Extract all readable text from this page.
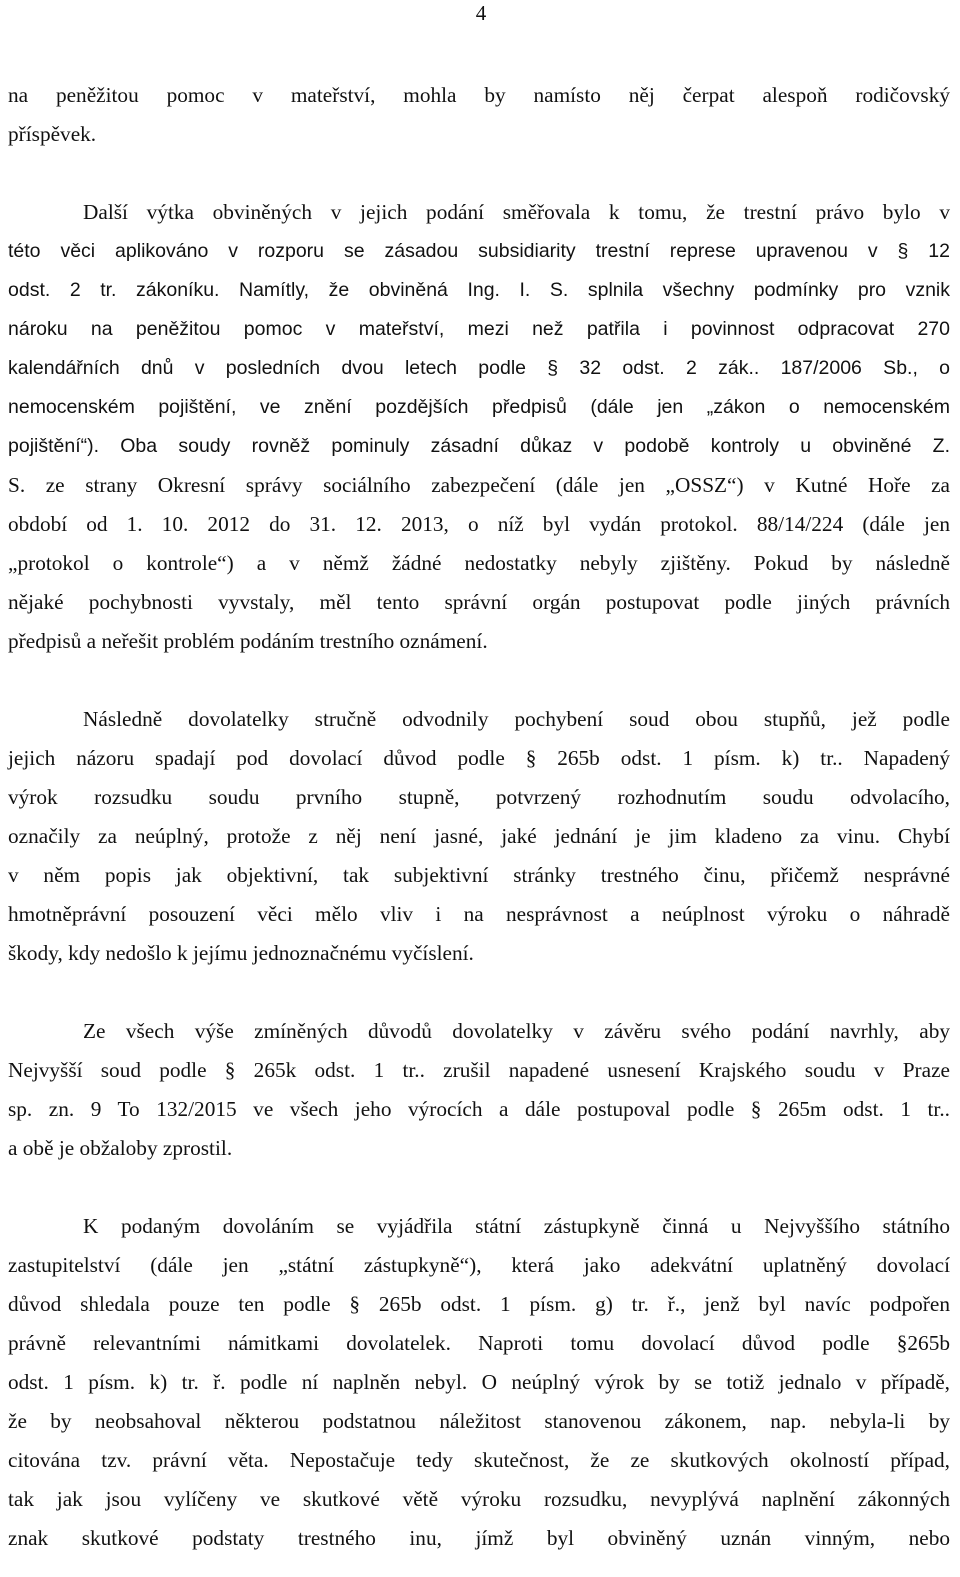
4
na peněžitou pomoc v mateřství, mohla by namísto něj čerpat alespoň rodičovský
příspěvek.
Další výtka obviněných v jejich podání směřovala k tomu, že trestní právo bylo v
této věci aplikováno v rozporu se zásadou subsidiarity trestní represe upravenou v § 12
odst. 2 tr. zákoníku. Namítly, že obviněná Ing. I. S. splnila všechny podmínky pro vznik
nároku na peněžitou pomoc v mateřství, mezi než patřila i povinnost odpracovat 270
kalendářních dnů v posledních dvou letech podle § 32 odst. 2 zák.. 187/2006 Sb., o
nemocenském pojištění, ve znění pozdějších předpisů (dále jen „zákon o nemocenském
pojištění“). Oba soudy rovněž pominuly zásadní důkaz v podobě kontroly u obviněné Z.
S. ze strany Okresní správy sociálního zabezpečení (dále jen „OSSZ“) v Kutné Hoře za
období od 1. 10. 2012 do 31. 12. 2013, o níž byl vydán protokol. 88/14/224 (dále jen
„protokol o kontrole“) a v němž žádné nedostatky nebyly zjištěny. Pokud by následně
nějaké pochybnosti vyvstaly, měl tento správní orgán postupovat podle jiných právních
předpisů a neřešit problém podáním trestního oznámení.
Následně dovolatelky stručně odvodnily pochybení soud obou stupňů, jež podle
jejich názoru spadají pod dovolací důvod podle § 265b odst. 1 písm. k) tr.. Napadený
výrok rozsudku soudu prvního stupně, potvrzený rozhodnutím soudu odvolacího,
označily za neúplný, protože z něj není jasné, jaké jednání je jim kladeno za vinu. Chybí
v něm popis jak objektivní, tak subjektivní stránky trestného činu, přičemž nesprávné
hmotněprávní posouzení věci mělo vliv i na nesprávnost a neúplnost výroku o náhradě
škody, kdy nedošlo k jejímu jednoznačnému vyčíslení.
Ze všech výše zmíněných důvodů dovolatelky v závěru svého podání navrhly, aby
Nejvyšší soud podle § 265k odst. 1 tr.. zrušil napadené usnesení Krajského soudu v Praze
sp. zn. 9 To 132/2015 ve všech jeho výrocích a dále postupoval podle § 265m odst. 1 tr..
a obě je obžaloby zprostil.
K podaným dovoláním se vyjádřila státní zástupkyně činná u Nejvyššího státního
zastupitelství (dále jen „státní zástupkyně“), která jako adekvátní uplatněný dovolací
důvod shledala pouze ten podle § 265b odst. 1 písm. g) tr. ř., jenž byl navíc podpořen
právně relevantními námitkami dovolatelek. Naproti tomu dovolací důvod podle §265b
odst. 1 písm. k) tr. ř. podle ní naplněn nebyl. O neúplný výrok by se totiž jednalo v případě,
že by neobsahoval některou podstatnou náležitost stanovenou zákonem, nap. nebyla-li by
citována tzv. právní věta. Nepostačuje tedy skutečnost, že ze skutkových okolností případ,
tak jak jsou vylíčeny ve skutkové větě výroku rozsudku, nevyplývá naplnění zákonných
znak skutkové podstaty trestného inu, jímž byl obviněný uznán vinným, nebo
